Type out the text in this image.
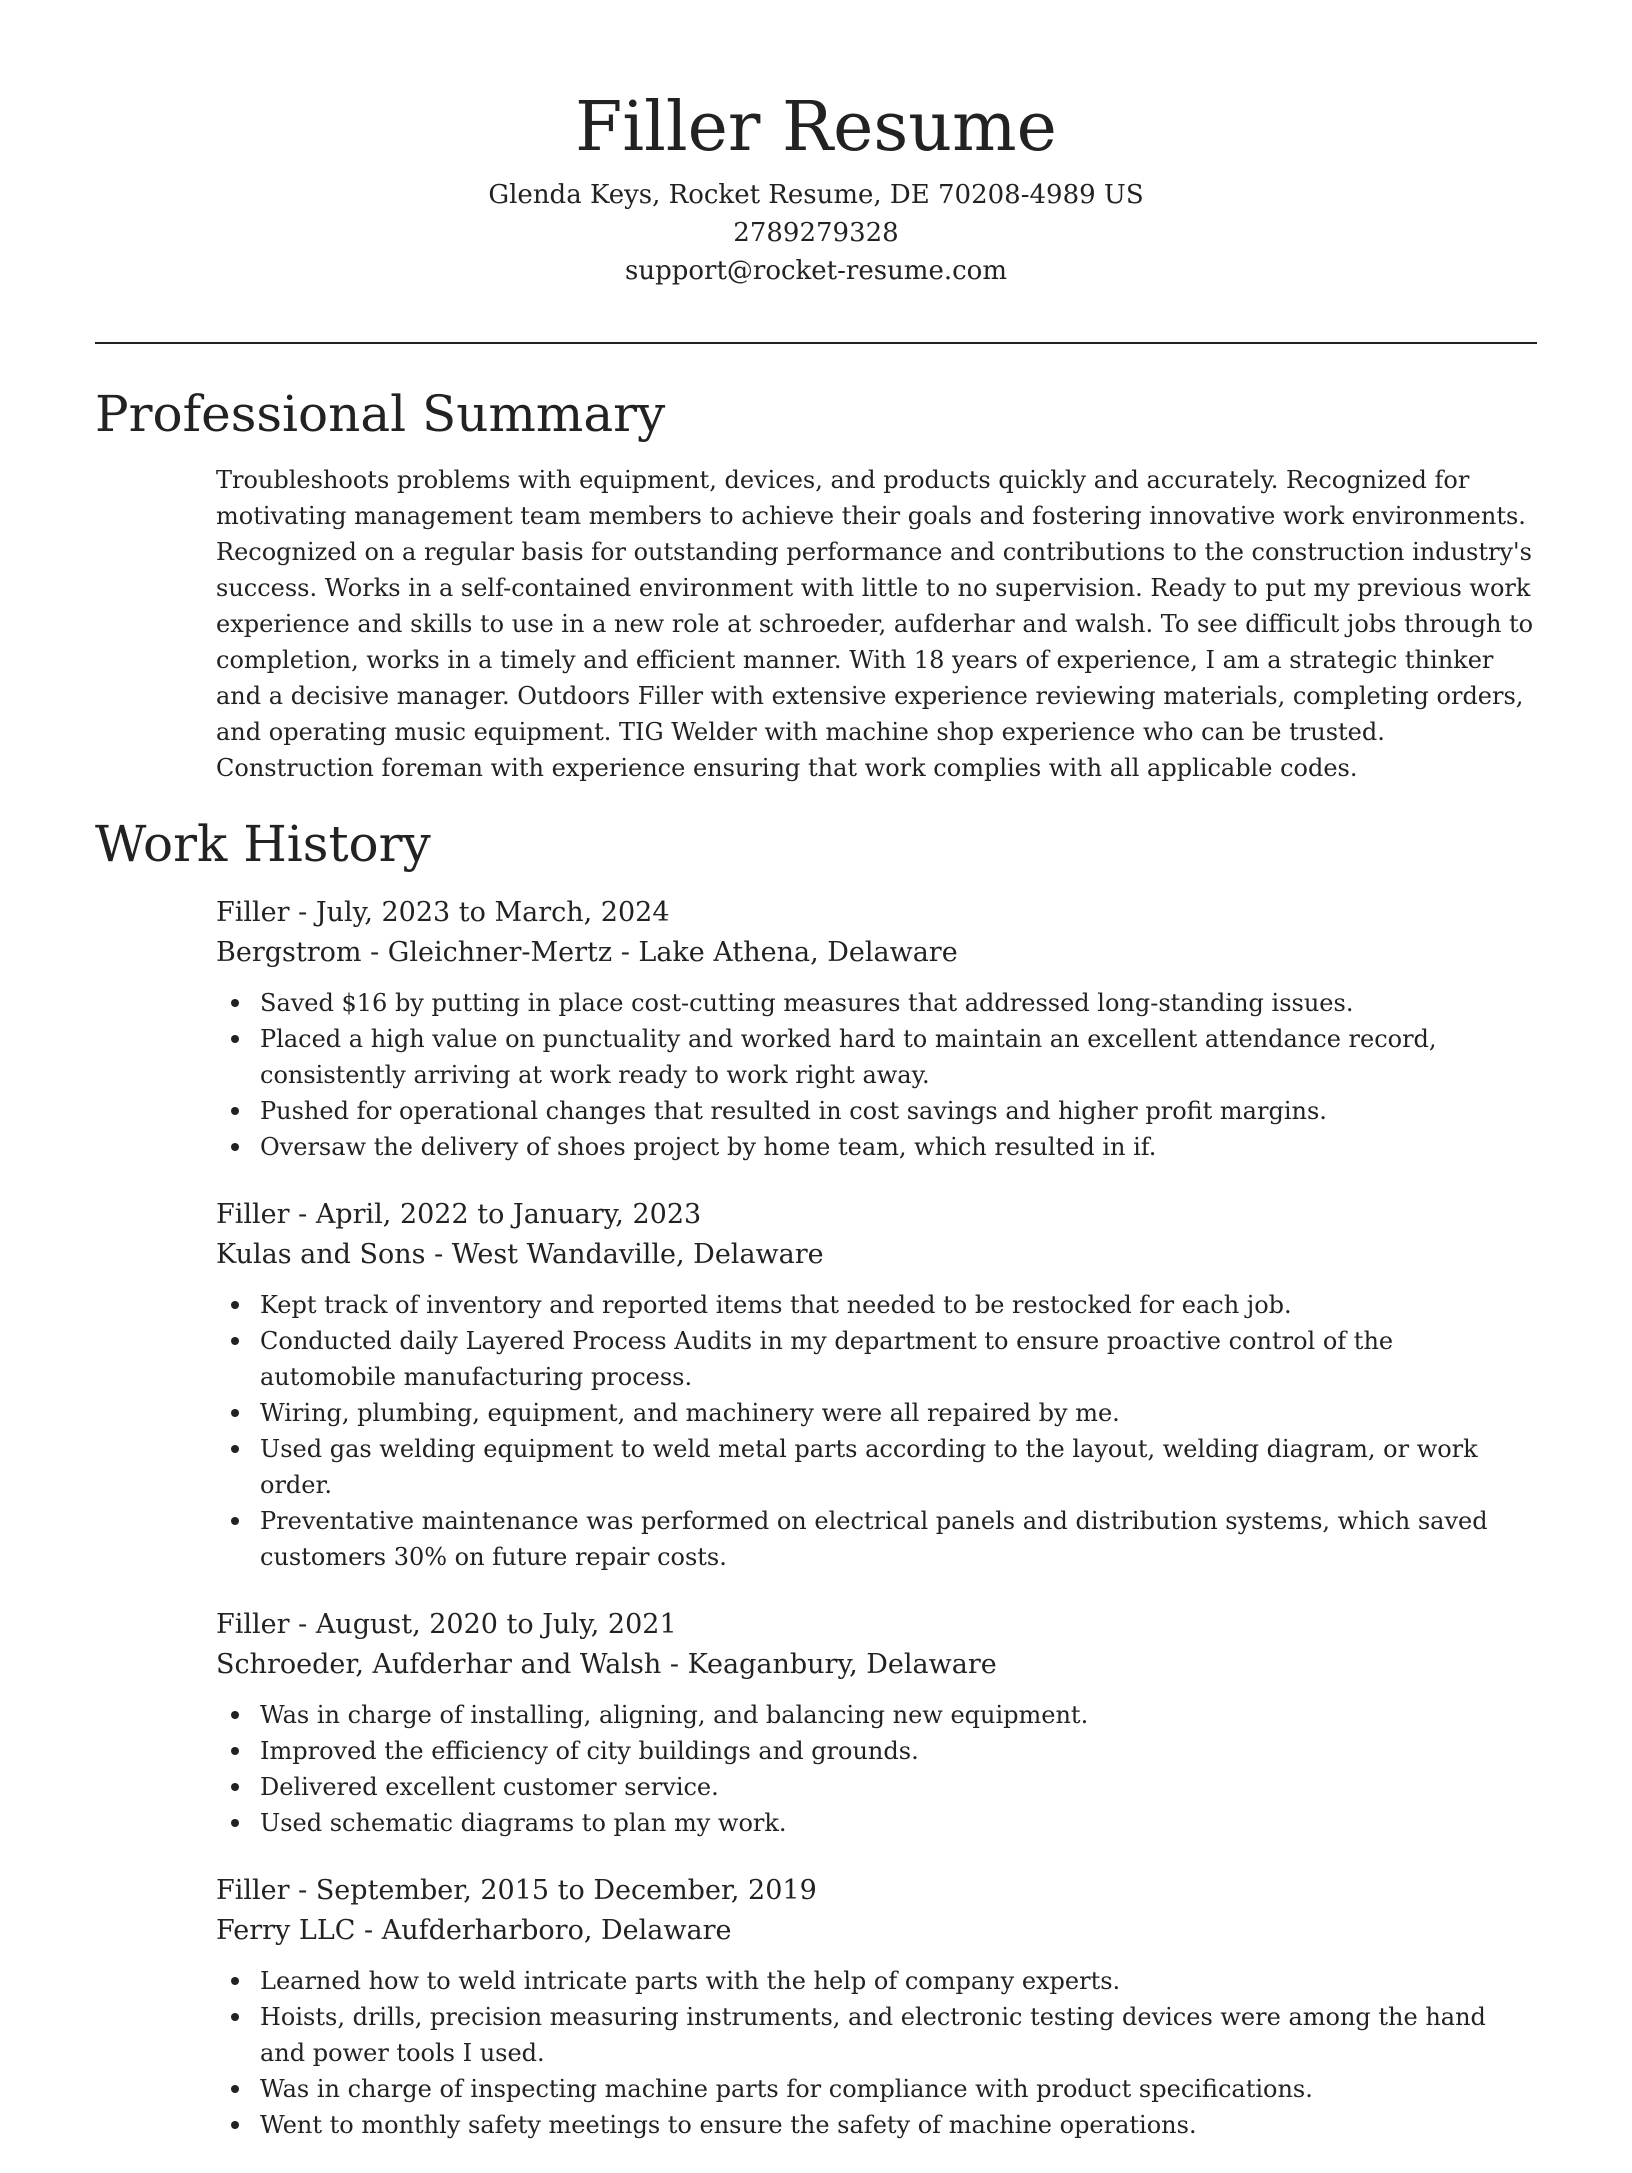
Filler Resume
Glenda Keys, Rocket Resume, DE 70208-4989 US
2789279328
support@rocket-resume.com
Professional Summary

Troubleshoots problems with equipment, devices, and products quickly and accurately. Recognized for motivating management team members to achieve their goals and fostering innovative work environments. Recognized on a regular basis for outstanding performance and contributions to the construction industry's success. Works in a self-contained environment with little to no supervision. Ready to put my previous work experience and skills to use in a new role at schroeder, aufderhar and walsh. To see difficult jobs through to completion, works in a timely and efficient manner. With 18 years of experience, I am a strategic thinker and a decisive manager. Outdoors Filler with extensive experience reviewing materials, completing orders, and operating music equipment. TIG Welder with machine shop experience who can be trusted. Construction foreman with experience ensuring that work complies with all applicable codes.

Work History
Filler - July, 2023 to March, 2024
Bergstrom - Gleichner-Mertz - Lake Athena, Delaware
Saved $16 by putting in place cost-cutting measures that addressed long-standing issues.
Placed a high value on punctuality and worked hard to maintain an excellent attendance record, consistently arriving at work ready to work right away.
Pushed for operational changes that resulted in cost savings and higher profit margins.
Oversaw the delivery of shoes project by home team, which resulted in if.
Filler - April, 2022 to January, 2023
Kulas and Sons - West Wandaville, Delaware
Kept track of inventory and reported items that needed to be restocked for each job.
Conducted daily Layered Process Audits in my department to ensure proactive control of the automobile manufacturing process.
Wiring, plumbing, equipment, and machinery were all repaired by me.
Used gas welding equipment to weld metal parts according to the layout, welding diagram, or work order.
Preventative maintenance was performed on electrical panels and distribution systems, which saved customers 30% on future repair costs.
Filler - August, 2020 to July, 2021
Schroeder, Aufderhar and Walsh - Keaganbury, Delaware
Was in charge of installing, aligning, and balancing new equipment.
Improved the efficiency of city buildings and grounds.
Delivered excellent customer service.
Used schematic diagrams to plan my work.
Filler - September, 2015 to December, 2019
Ferry LLC - Aufderharboro, Delaware
Learned how to weld intricate parts with the help of company experts.
Hoists, drills, precision measuring instruments, and electronic testing devices were among the hand and power tools I used.
Was in charge of inspecting machine parts for compliance with product specifications.
Went to monthly safety meetings to ensure the safety of machine operations.
